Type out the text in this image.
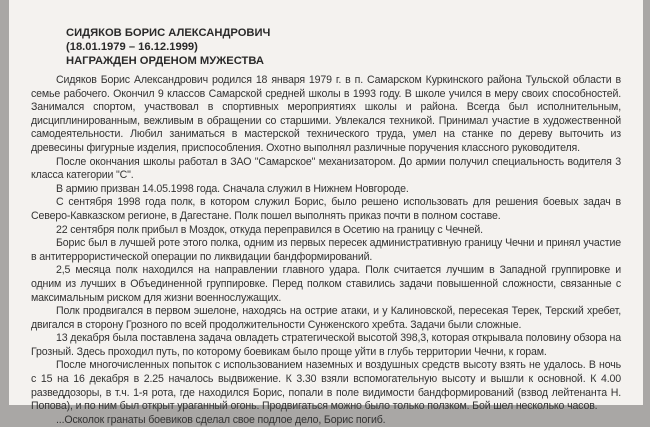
СИДЯКОВ БОРИС АЛЕКСАНДРОВИЧ
(18.01.1979 – 16.12.1999)
НАГРАЖДЕН ОРДЕНОМ МУЖЕСТВА

Сидяков Борис Александрович родился 18 января 1979 г. в п. Самарском Куркинского района Тульской области в семье рабочего. Окончил 9 классов Самарской средней школы в 1993 году. В школе учился в меру своих способностей. Занимался спортом, участвовал в спортивных мероприятиях школы и района. Всегда был исполнительным, дисциплинированным, вежливым в обращении со старшими. Увлекался техникой. Принимал участие в художественной самодеятельности. Любил заниматься в мастерской технического труда, умел на станке по дереву выточить из древесины фигурные изделия, приспособления. Охотно выполнял различные поручения классного руководителя.

После окончания школы работал в ЗАО "Самарское" механизатором. До армии получил специальность водителя 3 класса категории "С".

В армию призван 14.05.1998 года. Сначала служил в Нижнем Новгороде.

С сентября 1998 года полк, в котором служил Борис, было решено использовать для решения боевых задач в Северо-Кавказском регионе, в Дагестане. Полк пошел выполнять приказ почти в полном составе.

22 сентября полк прибыл в Моздок, откуда переправился в Осетию на границу с Чечней.

Борис был в лучшей роте этого полка, одним из первых пересек административную границу Чечни и принял участие в антитеррористической операции по ликвидации бандформирований.

2,5 месяца полк находился на направлении главного удара. Полк считается лучшим в Западной группировке и одним из лучших в Объединенной группировке. Перед полком ставились задачи повышенной сложности, связанные с максимальным риском для жизни военнослужащих.

Полк продвигался в первом эшелоне, находясь на острие атаки, и у Калиновской, пересекая Терек, Терский хребет, двигался в сторону Грозного по всей продолжительности Сунженского хребта. Задачи были сложные.

13 декабря была поставлена задача овладеть стратегической высотой 398,3, которая открывала половину обзора на Грозный. Здесь проходил путь, по которому боевикам было проще уйти в глубь территории Чечни, к горам.

После многочисленных попыток с использованием наземных и воздушных средств высоту взять не удалось. В ночь с 15 на 16 декабря в 2.25 началось выдвижение. К 3.30 взяли вспомогательную высоту и вышли к основной. К 4.00 разведдозоры, в т.ч. 1-я рота, где находился Борис, попали в поле видимости бандформирований (взвод лейтенанта Н. Попова), и по ним был открыт ураганный огонь. Продвигаться можно было только ползком. Бой шел несколько часов.

...Осколок гранаты боевиков сделал свое подлое дело, Борис погиб.
